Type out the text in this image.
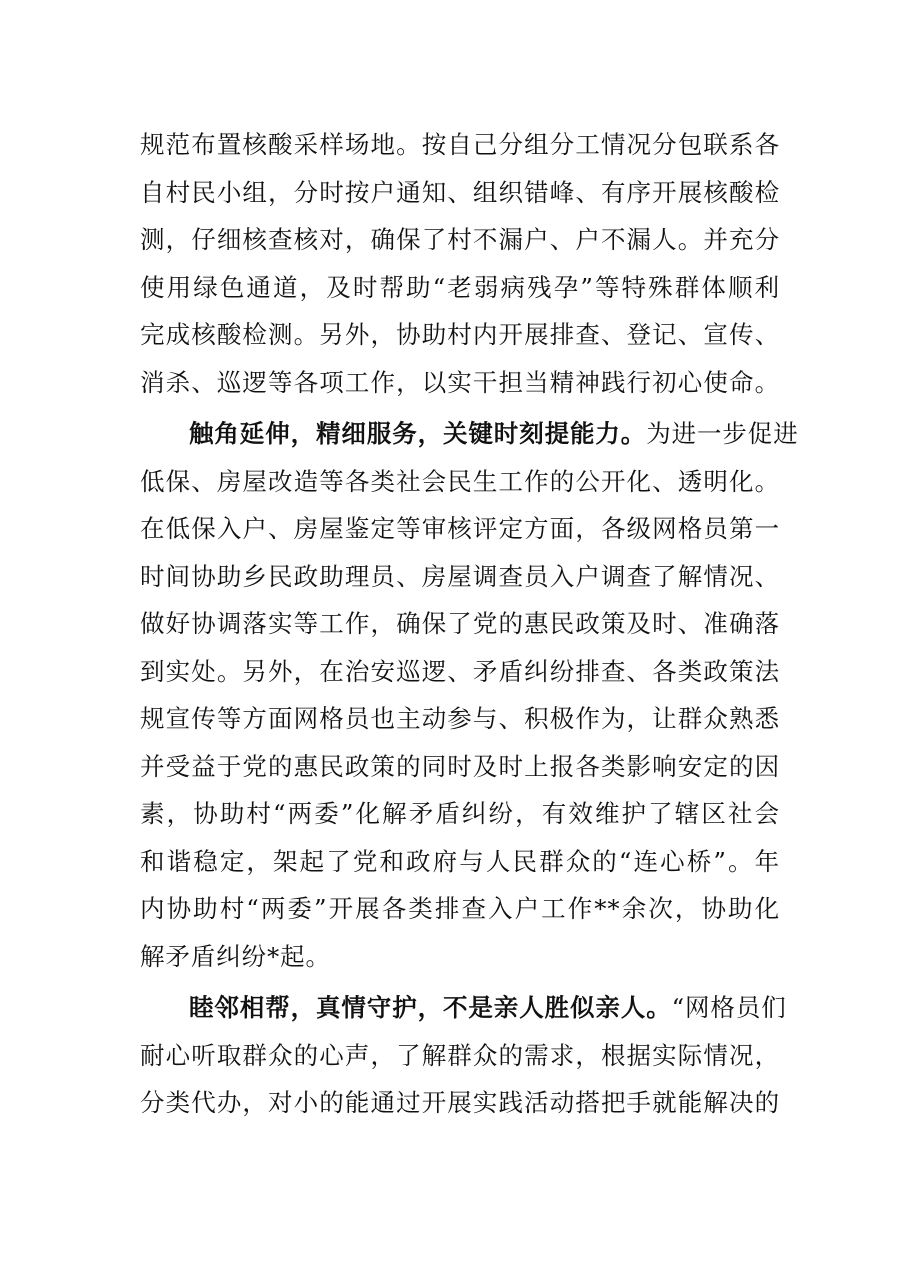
规范布置核酸采样场地。按自己分组分工情况分包联系各
自村民小组，分时按户通知、组织错峰、有序开展核酸检
测，仔细核查核对，确保了村不漏户、户不漏人。并充分
使用绿色通道，及时帮助“老弱病残孕”等特殊群体顺利
完成核酸检测。另外，协助村内开展排查、登记、宣传、
消杀、巡逻等各项工作，以实干担当精神践行初心使命。
触角延伸，精细服务，关键时刻提能力。为进一步促进
低保、房屋改造等各类社会民生工作的公开化、透明化。
在低保入户、房屋鉴定等审核评定方面，各级网格员第一
时间协助乡民政助理员、房屋调查员入户调查了解情况、
做好协调落实等工作，确保了党的惠民政策及时、准确落
到实处。另外，在治安巡逻、矛盾纠纷排查、各类政策法
规宣传等方面网格员也主动参与、积极作为，让群众熟悉
并受益于党的惠民政策的同时及时上报各类影响安定的因
素，协助村“两委”化解矛盾纠纷，有效维护了辖区社会
和谐稳定，架起了党和政府与人民群众的“连心桥”。年
内协助村“两委”开展各类排查入户工作**余次，协助化
解矛盾纠纷*起。
睦邻相帮，真情守护，不是亲人胜似亲人。“网格员们
耐心听取群众的心声，了解群众的需求，根据实际情况，
分类代办，对小的能通过开展实践活动搭把手就能解决的
